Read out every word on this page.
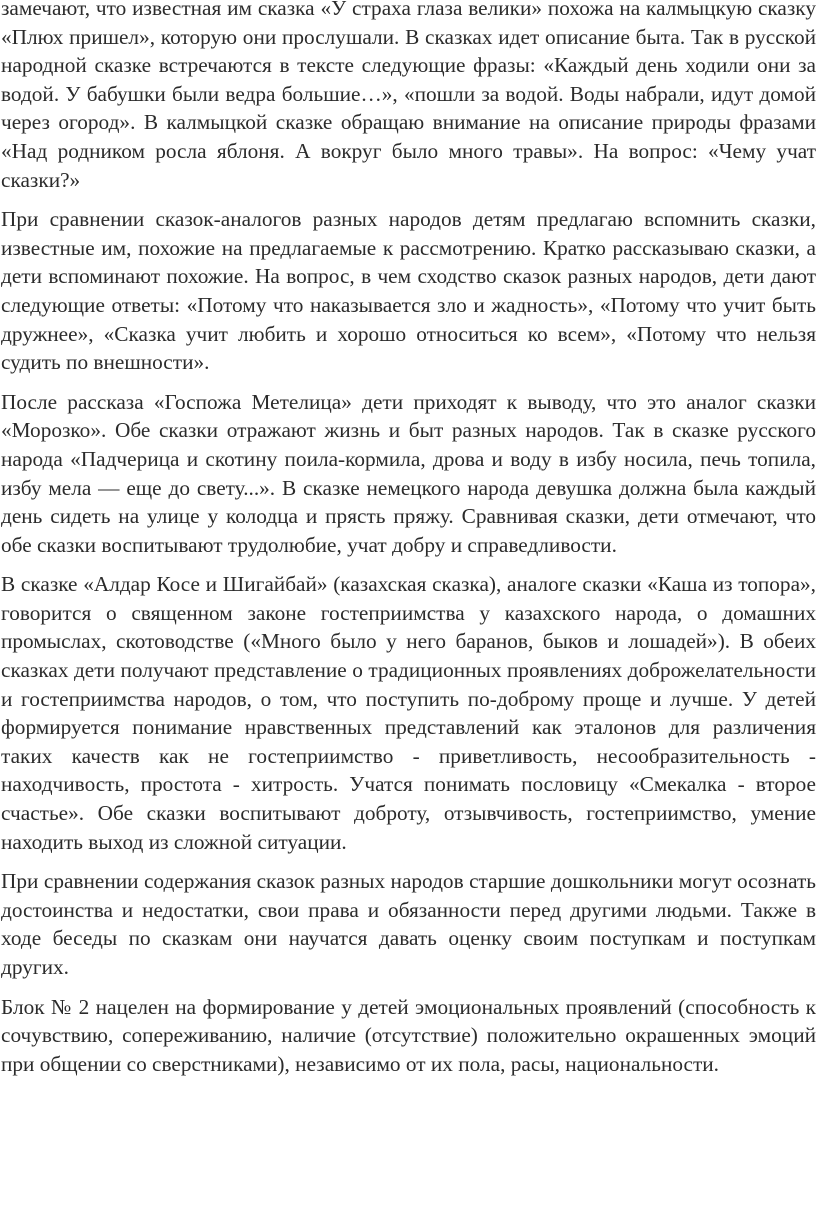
замечают, что известная им сказка «У страха глаза велики» похожа на калмыцкую сказку «Плюх пришел», которую они прослушали. В сказках идет описание быта. Так в русской народной сказке встречаются в тексте следующие фразы: «Каждый день ходили они за водой. У бабушки были ведра большие…», «пошли за водой. Воды набрали, идут домой через огород». В калмыцкой сказке обращаю внимание на описание природы фразами «Над родником росла яблоня. А вокруг было много травы». На вопрос: «Чему учат сказки?»

При сравнении сказок-аналогов разных народов детям предлагаю вспомнить сказки, известные им, похожие на предлагаемые к рассмотрению. Кратко рассказываю сказки, а дети вспоминают похожие. На вопрос, в чем сходство сказок разных народов, дети дают следующие ответы: «Потому что наказывается зло и жадность», «Потому что учит быть дружнее», «Сказка учит любить и хорошо относиться ко всем», «Потому что нельзя судить по внешности».

После рассказа «Госпожа Метелица» дети приходят к выводу, что это аналог сказки «Морозко». Обе сказки отражают жизнь и быт разных народов. Так в сказке русского народа «Падчерица и скотину поила-кормила, дрова и воду в избу носила, печь топила, избу мела — еще до свету...». В сказке немецкого народа девушка должна была каждый день сидеть на улице у колодца и прясть пряжу. Сравнивая сказки, дети отмечают, что обе сказки воспитывают трудолюбие, учат добру и справедливости.

В сказке «Алдар Косе и Шигайбай» (казахская сказка), аналоге сказки «Каша из топора», говорится о священном законе гостеприимства у казахского народа, о домашних промыслах, скотоводстве («Много было у него баранов, быков и лошадей»). В обеих сказках дети получают представление о традиционных проявлениях доброжелательности и гостеприимства народов, о том, что поступить по-доброму проще и лучше. У детей формируется понимание нравственных представлений как эталонов для различения таких качеств как не гостеприимство - приветливость, несообразительность - находчивость, простота - хитрость. Учатся понимать пословицу «Смекалка - второе счастье». Обе сказки воспитывают доброту, отзывчивость, гостеприимство, умение находить выход из сложной ситуации.

При сравнении содержания сказок разных народов старшие дошкольники могут осознать достоинства и недостатки, свои права и обязанности перед другими людьми. Также в ходе беседы по сказкам они научатся давать оценку своим поступкам и поступкам других.

Блок № 2 нацелен на формирование у детей эмоциональных проявлений (способность к сочувствию, сопереживанию, наличие (отсутствие) положительно окрашенных эмоций при общении со сверстниками), независимо от их пола, расы, национальности.
